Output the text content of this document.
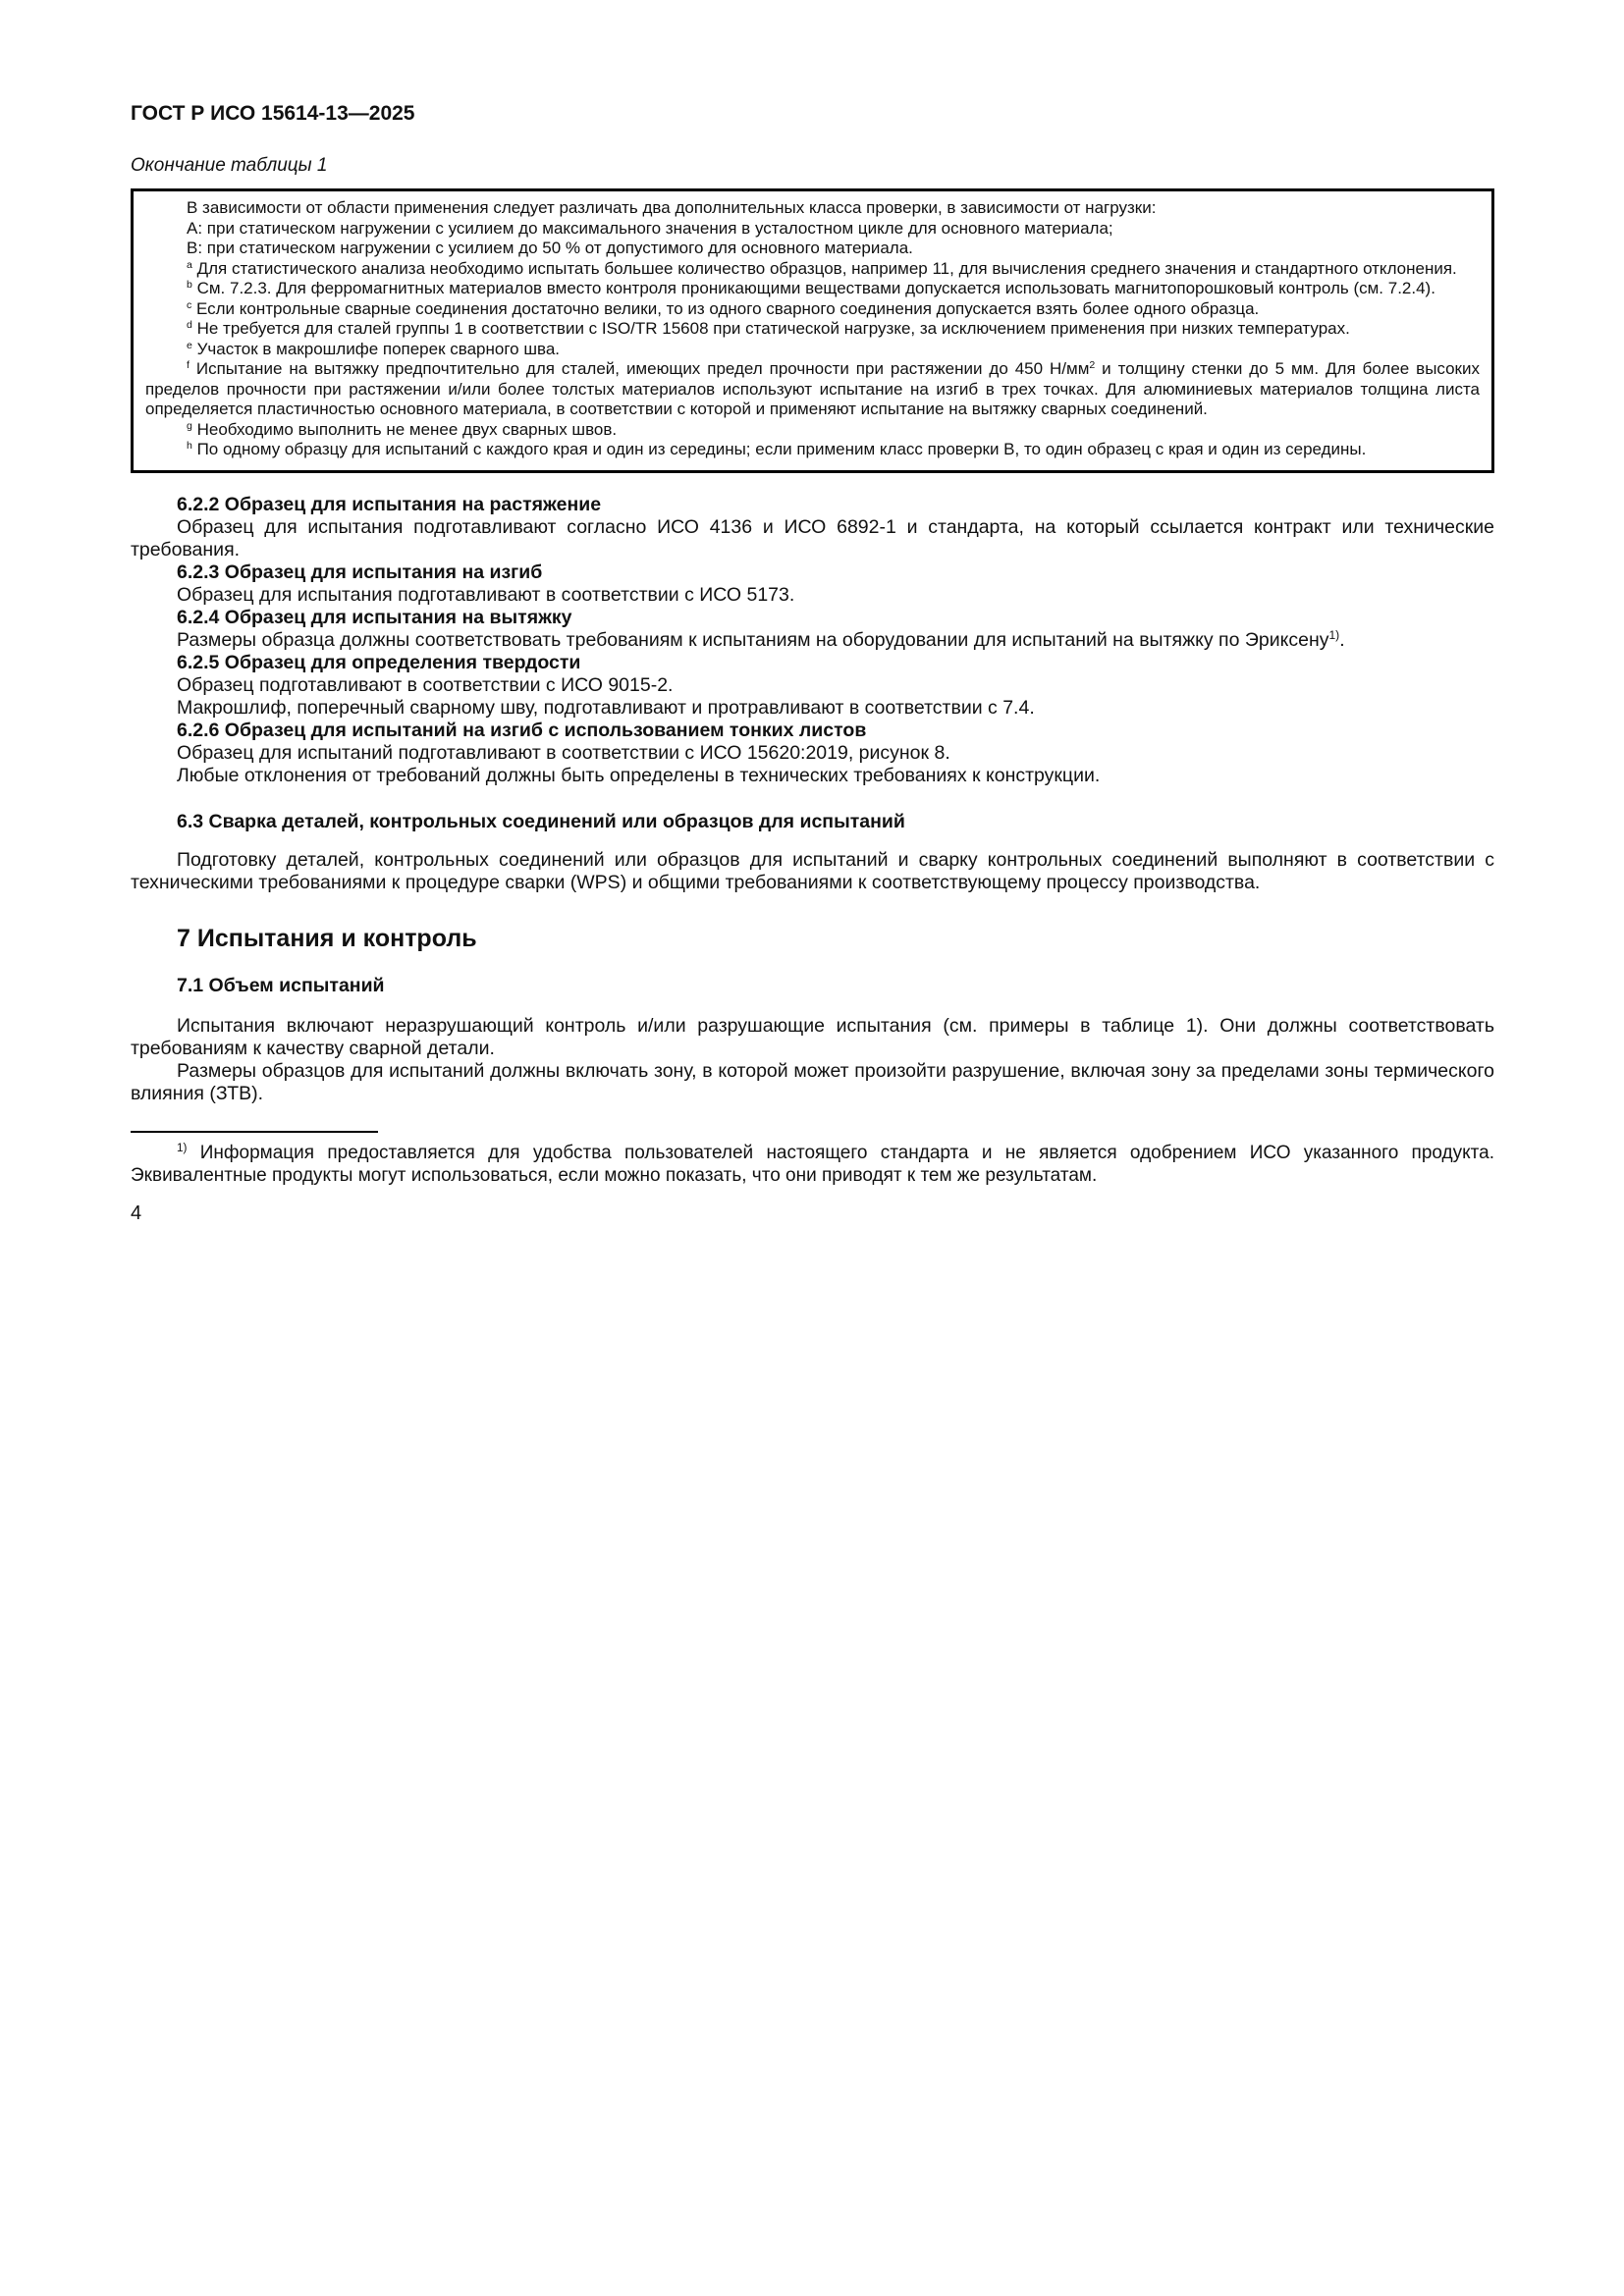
ГОСТ Р ИСО 15614-13—2025
Окончание таблицы 1

В зависимости от области применения следует различать два дополнительных класса проверки, в зависимости от нагрузки:

А: при статическом нагружении с усилием до максимального значения в усталостном цикле для основного материала;

В: при статическом нагружении с усилием до 50 % от допустимого для основного материала.

$^a$ Для статистического анализа необходимо испытать большее количество образцов, например 11, для вычисления среднего значения и стандартного отклонения.

$^b$ См. 7.2.3. Для ферромагнитных материалов вместо контроля проникающими веществами допускается использовать магнитопорошковый контроль (см. 7.2.4).

$^c$ Если контрольные сварные соединения достаточно велики, то из одного сварного соединения допускается взять более одного образца.

$^d$ Не требуется для сталей группы 1 в соответствии с ISO/TR 15608 при статической нагрузке, за исключением применения при низких температурах.

$^e$ Участок в макрошлифе поперек сварного шва.

$^f$ Испытание на вытяжку предпочтительно для сталей, имеющих предел прочности при растяжении до 450 $Н/мм^2$ и толщину стенки до 5 мм. Для более высоких пределов прочности при растяжении и/или более толстых материалов используют испытание на изгиб в трех точках. Для алюминиевых материалов толщина листа определяется пластичностью основного материала, в соответствии с которой и применяют испытание на вытяжку сварных соединений.

$^g$ Необходимо выполнить не менее двух сварных швов.

$^h$ По одному образцу для испытаний с каждого края и один из середины; если применим класс проверки В, то один образец с края и один из середины.

6.2.2 Образец для испытания на растяжение

Образец для испытания подготавливают согласно ИСО 4136 и ИСО 6892-1 и стандарта, на который ссылается контракт или технические требования.

6.2.3 Образец для испытания на изгиб

Образец для испытания подготавливают в соответствии с ИСО 5173.

6.2.4 Образец для испытания на вытяжку

Размеры образца должны соответствовать требованиям к испытаниям на оборудовании для испытаний на вытяжку по Эриксену$^{1)}$.

6.2.5 Образец для определения твердости

Образец подготавливают в соответствии с ИСО 9015-2.

Макрошлиф, поперечный сварному шву, подготавливают и протравливают в соответствии с 7.4.

6.2.6 Образец для испытаний на изгиб с использованием тонких листов

Образец для испытаний подготавливают в соответствии с ИСО 15620:2019, рисунок 8.

Любые отклонения от требований должны быть определены в технических требованиях к конструкции.

6.3 Сварка деталей, контрольных соединений или образцов для испытаний

Подготовку деталей, контрольных соединений или образцов для испытаний и сварку контрольных соединений выполняют в соответствии с техническими требованиями к процедуре сварки (WPS) и общими требованиями к соответствующему процессу производства.

7 Испытания и контроль

7.1 Объем испытаний

Испытания включают неразрушающий контроль и/или разрушающие испытания (см. примеры в таблице 1). Они должны соответствовать требованиям к качеству сварной детали.

Размеры образцов для испытаний должны включать зону, в которой может произойти разрушение, включая зону за пределами зоны термического влияния (ЗТВ).

$^{1)}$ Информация предоставляется для удобства пользователей настоящего стандарта и не является одобрением ИСО указанного продукта. Эквивалентные продукты могут использоваться, если можно показать, что они приводят к тем же результатам.

4
